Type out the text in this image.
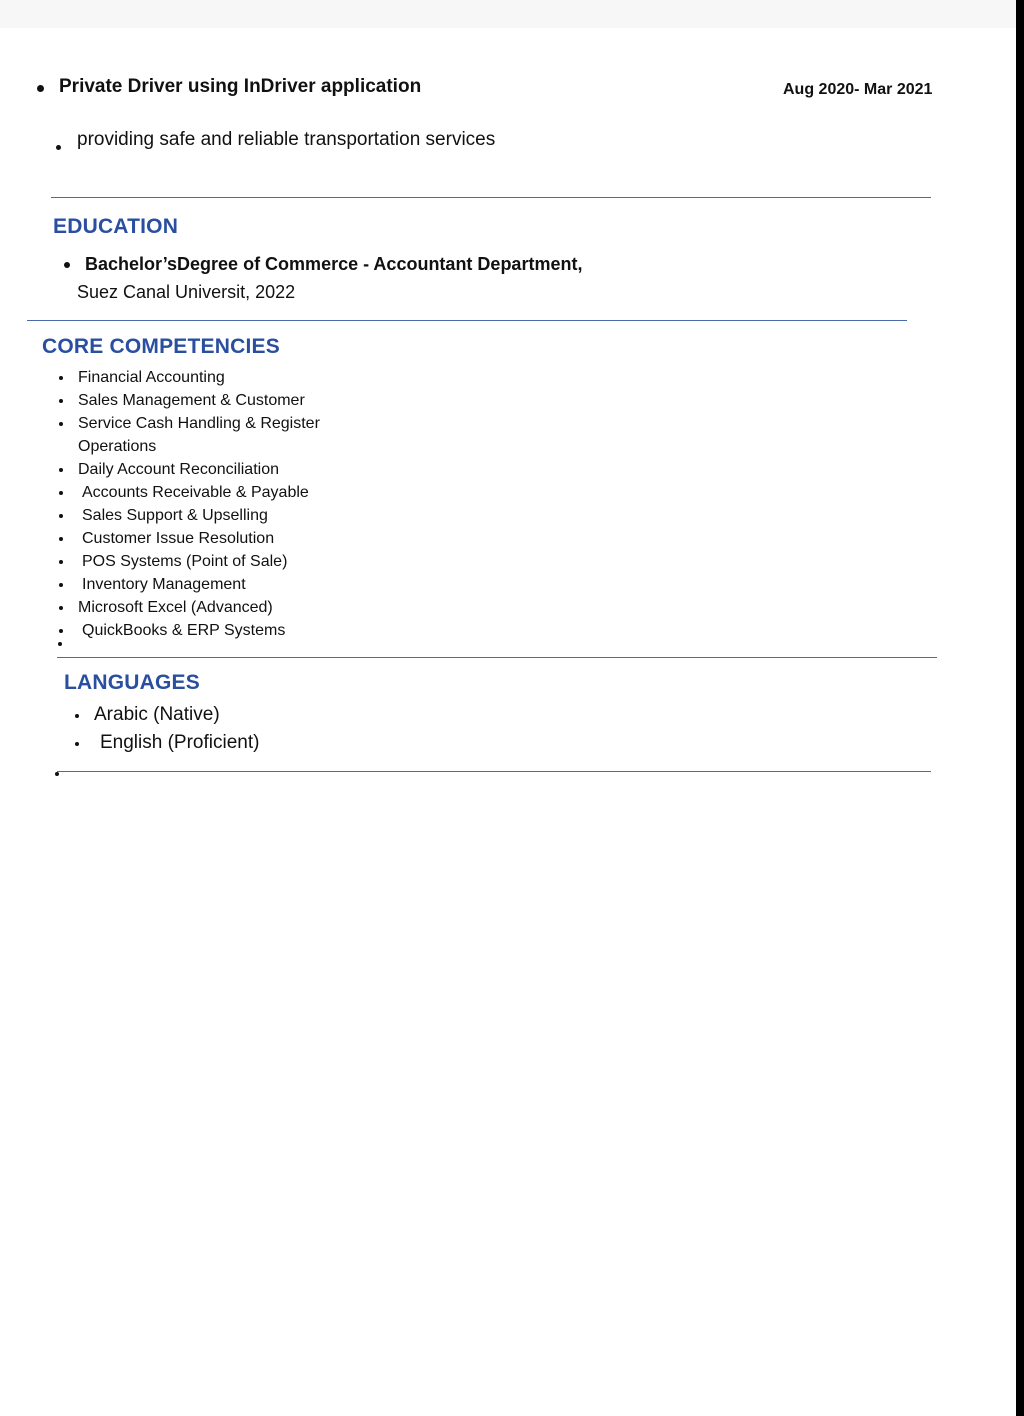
Private Driver using InDriver application	Aug 2020- Mar 2021
providing safe and reliable transportation services
EDUCATION
Bachelor’sDegree of Commerce - Accountant Department,
Suez Canal Universit, 2022
CORE COMPETENCIES
Financial Accounting
Sales Management & Customer
Service Cash Handling & Register Operations
Daily Account Reconciliation
Accounts Receivable & Payable
Sales Support & Upselling
Customer Issue Resolution
POS Systems (Point of Sale)
Inventory Management
Microsoft Excel (Advanced)
QuickBooks & ERP Systems
LANGUAGES
Arabic (Native)
English (Proficient)
